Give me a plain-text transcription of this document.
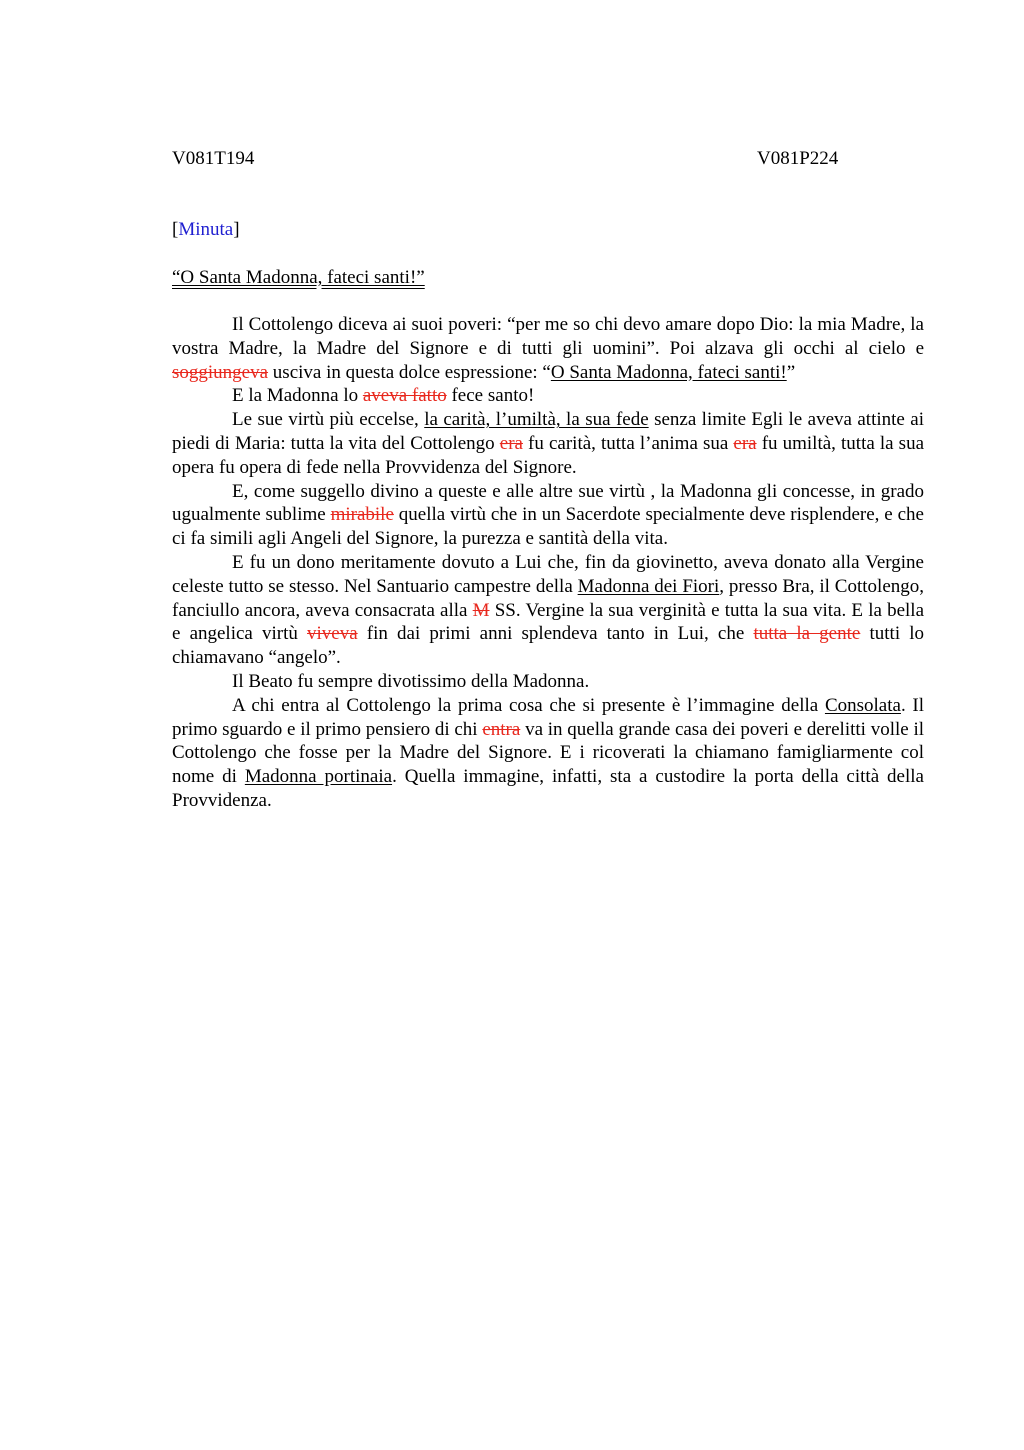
V081T194	V081P224
[Minuta]
“O Santa Madonna, fateci santi!”

Il Cottolengo diceva ai suoi poveri: “per me so chi devo amare dopo Dio: la mia Madre, la vostra Madre, la Madre del Signore e di tutti gli uomini”. Poi alzava gli occhi al cielo e soggiungeva usciva in questa dolce espressione: “O Santa Madonna, fateci santi!”

E la Madonna lo aveva fatto fece santo!

Le sue virtù più eccelse, la carità, l’umiltà, la sua fede senza limite Egli le aveva attinte ai piedi di Maria: tutta la vita del Cottolengo era fu carità, tutta l’anima sua era fu umiltà, tutta la sua opera fu opera di fede nella Provvidenza del Signore.

E, come suggello divino a queste e alle altre sue virtù , la Madonna gli concesse, in grado ugualmente sublime mirabile quella virtù che in un Sacerdote specialmente deve risplendere, e che ci fa simili agli Angeli del Signore, la purezza e santità della vita.

E fu un dono meritamente dovuto a Lui che, fin da giovinetto, aveva donato alla Vergine celeste tutto se stesso. Nel Santuario campestre della Madonna dei Fiori, presso Bra, il Cottolengo, fanciullo ancora, aveva consacrata alla M SS. Vergine la sua verginità e tutta la sua vita. E la bella e angelica virtù viveva fin dai primi anni splendeva tanto in Lui, che tutta la gente tutti lo chiamavano “angelo”.

Il Beato fu sempre divotissimo della Madonna.

A chi entra al Cottolengo la prima cosa che si presente è l’immagine della Consolata. Il primo sguardo e il primo pensiero di chi entra va in quella grande casa dei poveri e derelitti volle il Cottolengo che fosse per la Madre del Signore. E i ricoverati la chiamano famigliarmente col nome di Madonna portinaia. Quella immagine, infatti, sta a custodire la porta della città della Provvidenza.
